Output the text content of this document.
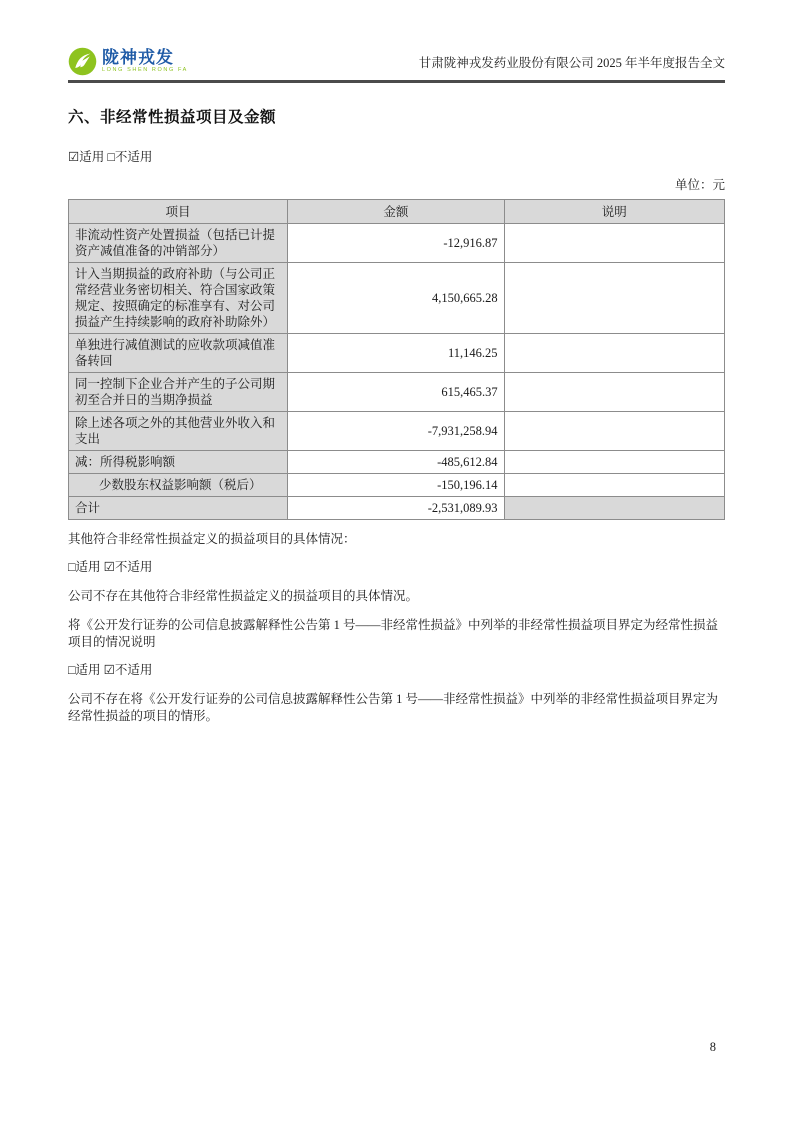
陇神戎发
LONG SHEN RONG FA
甘肃陇神戎发药业股份有限公司 2025 年半年度报告全文
六、非经常性损益项目及金额
☑适用 □不适用
单位：元
项目	金额	说明
非流动性资产处置损益（包括已计提资产减值准备的冲销部分）	-12,916.87	
计入当期损益的政府补助（与公司正常经营业务密切相关、符合国家政策规定、按照确定的标准享有、对公司损益产生持续影响的政府补助除外）	4,150,665.28	
单独进行减值测试的应收款项减值准备转回	11,146.25	
同一控制下企业合并产生的子公司期初至合并日的当期净损益	615,465.37	
除上述各项之外的其他营业外收入和支出	-7,931,258.94	
减：所得税影响额	-485,612.84	
少数股东权益影响额（税后）	-150,196.14	
合计	-2,531,089.93	
其他符合非经常性损益定义的损益项目的具体情况：
□适用 ☑不适用
公司不存在其他符合非经常性损益定义的损益项目的具体情况。
将《公开发行证券的公司信息披露解释性公告第 1 号——非经常性损益》中列举的非经常性损益项目界定为经常性损益项目的情况说明
□适用 ☑不适用
公司不存在将《公开发行证券的公司信息披露解释性公告第 1 号——非经常性损益》中列举的非经常性损益项目界定为经常性损益的项目的情形。
8
